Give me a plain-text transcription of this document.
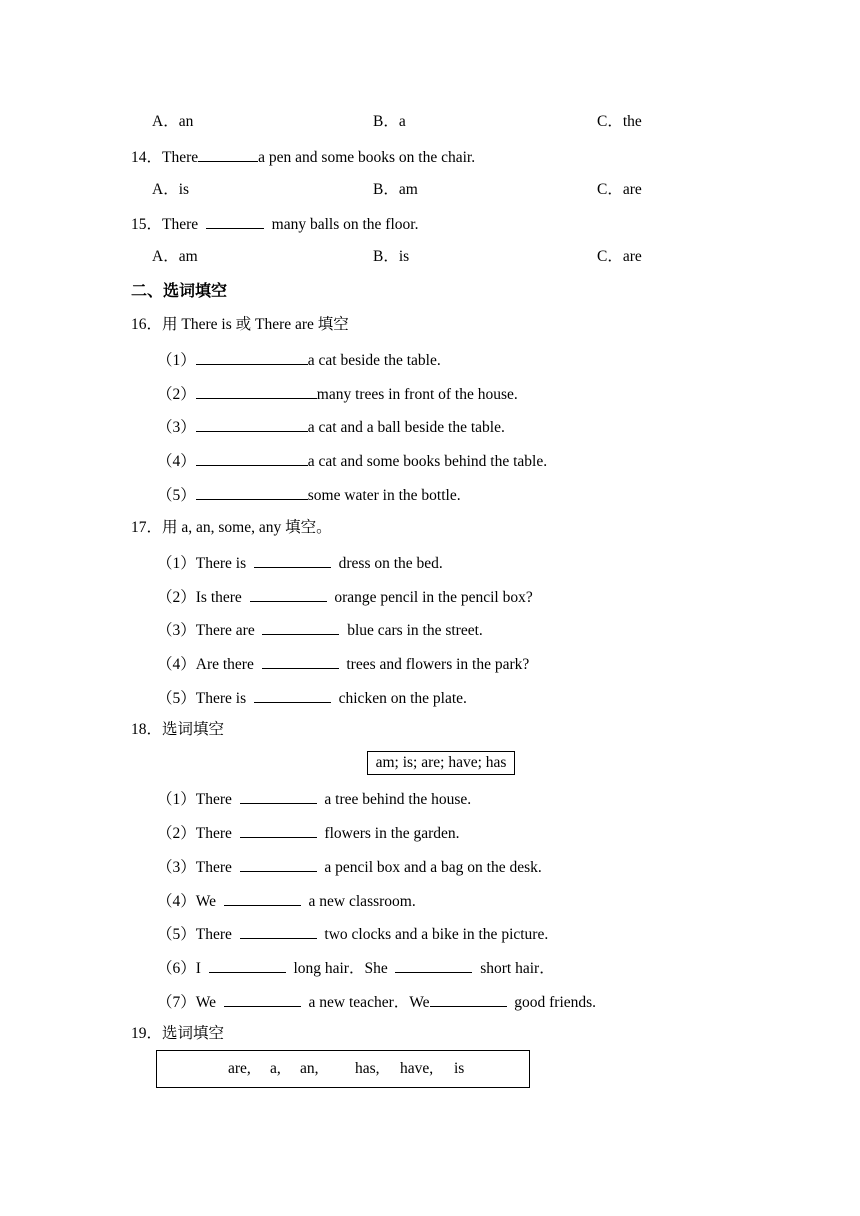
A．an	B．a	C．the
14．There	a pen and some books on the chair.
A．is	B．am	C．are
15．There	many balls on the floor.
A．am	B．is	C．are
二、选词填空
16．用 There is 或 There are 填空
（1）	a cat beside the table.
（2）	many trees in front of the house.
（3）	a cat and a ball beside the table.
（4）	a cat and some books behind the table.
（5）	some water in the bottle.
17．用 a, an, some, any 填空。
（1）There is	dress on the bed.
（2）Is there	orange pencil in the pencil box?
（3）There are	blue cars in the street.
（4）Are there	trees and flowers in the park?
（5）There is	chicken on the plate.
18．选词填空
am; is; are; have; has
（1）There	a tree behind the house.
（2）There	flowers in the garden.
（3）There	a pencil box and a bag on the desk.
（4）We	a new classroom.
（5）There	two clocks and a bike in the picture.
（6）I	long hair．She	short hair．
（7）We	a new teacher．We	good friends.
19．选词填空
are, a, an, has, have, is
